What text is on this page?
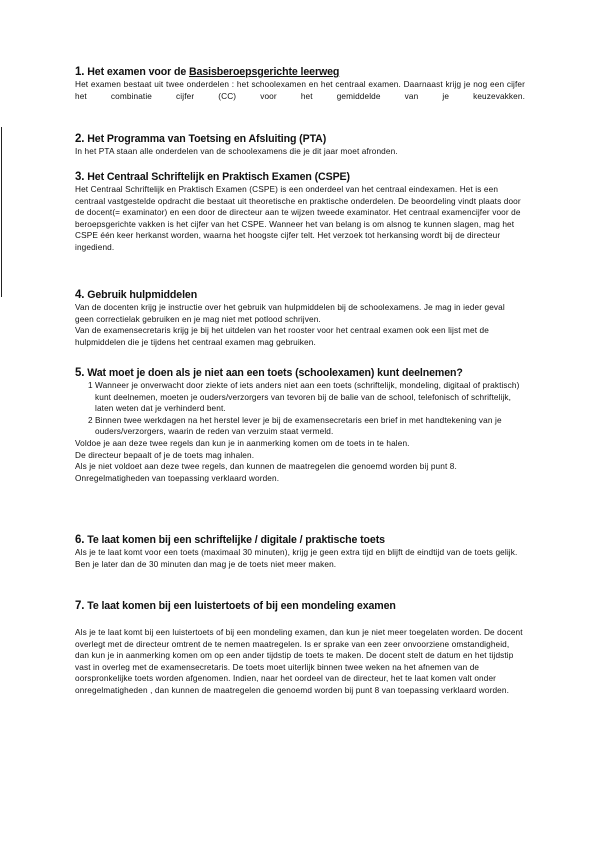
1. Het examen voor de Basisberoepsgerichte leerweg

Het examen bestaat uit twee onderdelen : het schoolexamen en het centraal examen. Daarnaast krijg je nog een cijfer het combinatie cijfer (CC) voor het gemiddelde van je keuzevakken.

2. Het Programma van Toetsing en Afsluiting (PTA)

In het PTA staan alle onderdelen van de schoolexamens die je dit jaar moet afronden.

3. Het Centraal Schriftelijk en Praktisch Examen (CSPE)

Het Centraal Schriftelijk en Praktisch Examen (CSPE) is een onderdeel van het centraal eindexamen. Het is een centraal vastgestelde opdracht die bestaat uit theoretische en praktische onderdelen. De beoordeling vindt plaats door de docent(= examinator) en een door de directeur aan te wijzen tweede examinator. Het centraal examencijfer voor de beroepsgerichte vakken is het cijfer van het CSPE. Wanneer het van belang is om alsnog te kunnen slagen, mag het CSPE één keer herkanst worden, waarna het hoogste cijfer telt. Het verzoek tot herkansing wordt bij de directeur ingediend.

4. Gebruik hulpmiddelen

Van de docenten krijg je instructie over het gebruik van hulpmiddelen bij de schoolexamens. Je mag in ieder geval geen correctielak gebruiken en je mag niet met potlood schrijven.
Van de examensecretaris krijg je bij het uitdelen van het rooster voor het centraal examen ook een lijst met de hulpmiddelen die je tijdens het centraal examen mag gebruiken.

5. Wat moet je doen als je niet aan een toets (schoolexamen) kunt deelnemen?
1 Wanneer je onverwacht door ziekte of iets anders niet aan een toets (schriftelijk, mondeling, digitaal of praktisch) kunt deelnemen, moeten je ouders/verzorgers van tevoren bij de balie van de school, telefonisch of schriftelijk, laten weten dat je verhinderd bent.
2 Binnen twee werkdagen na het herstel lever je bij de examensecretaris een brief in met handtekening van je ouders/verzorgers, waarin de reden van verzuim staat vermeld.

Voldoe je aan deze twee regels dan kun je in aanmerking komen om de toets in te halen.
De directeur bepaalt of je de toets mag inhalen.
Als je niet voldoet aan deze twee regels, dan kunnen de maatregelen die genoemd worden bij punt 8. Onregelmatigheden van toepassing verklaard worden.

6. Te laat komen bij een schriftelijke / digitale / praktische toets

Als je te laat komt voor een toets (maximaal 30 minuten), krijg je geen extra tijd en blijft de eindtijd van de toets gelijk. Ben je later dan de 30 minuten dan mag je de toets niet meer maken.

7. Te laat komen bij een luistertoets of bij een mondeling examen

Als je te laat komt bij een luistertoets of bij een mondeling examen, dan kun je niet meer toegelaten worden. De docent overlegt met de directeur omtrent de te nemen maatregelen. Is er sprake van een zeer onvoorziene omstandigheid, dan kun je in aanmerking komen om op een ander tijdstip de toets te maken. De docent stelt de datum en het tijdstip vast in overleg met de examensecretaris. De toets moet uiterlijk binnen twee weken na het afnemen van de oorspronkelijke toets worden afgenomen. Indien, naar het oordeel van de directeur, het te laat komen valt onder onregelmatigheden , dan kunnen de maatregelen die genoemd worden bij punt 8 van toepassing verklaard worden.
